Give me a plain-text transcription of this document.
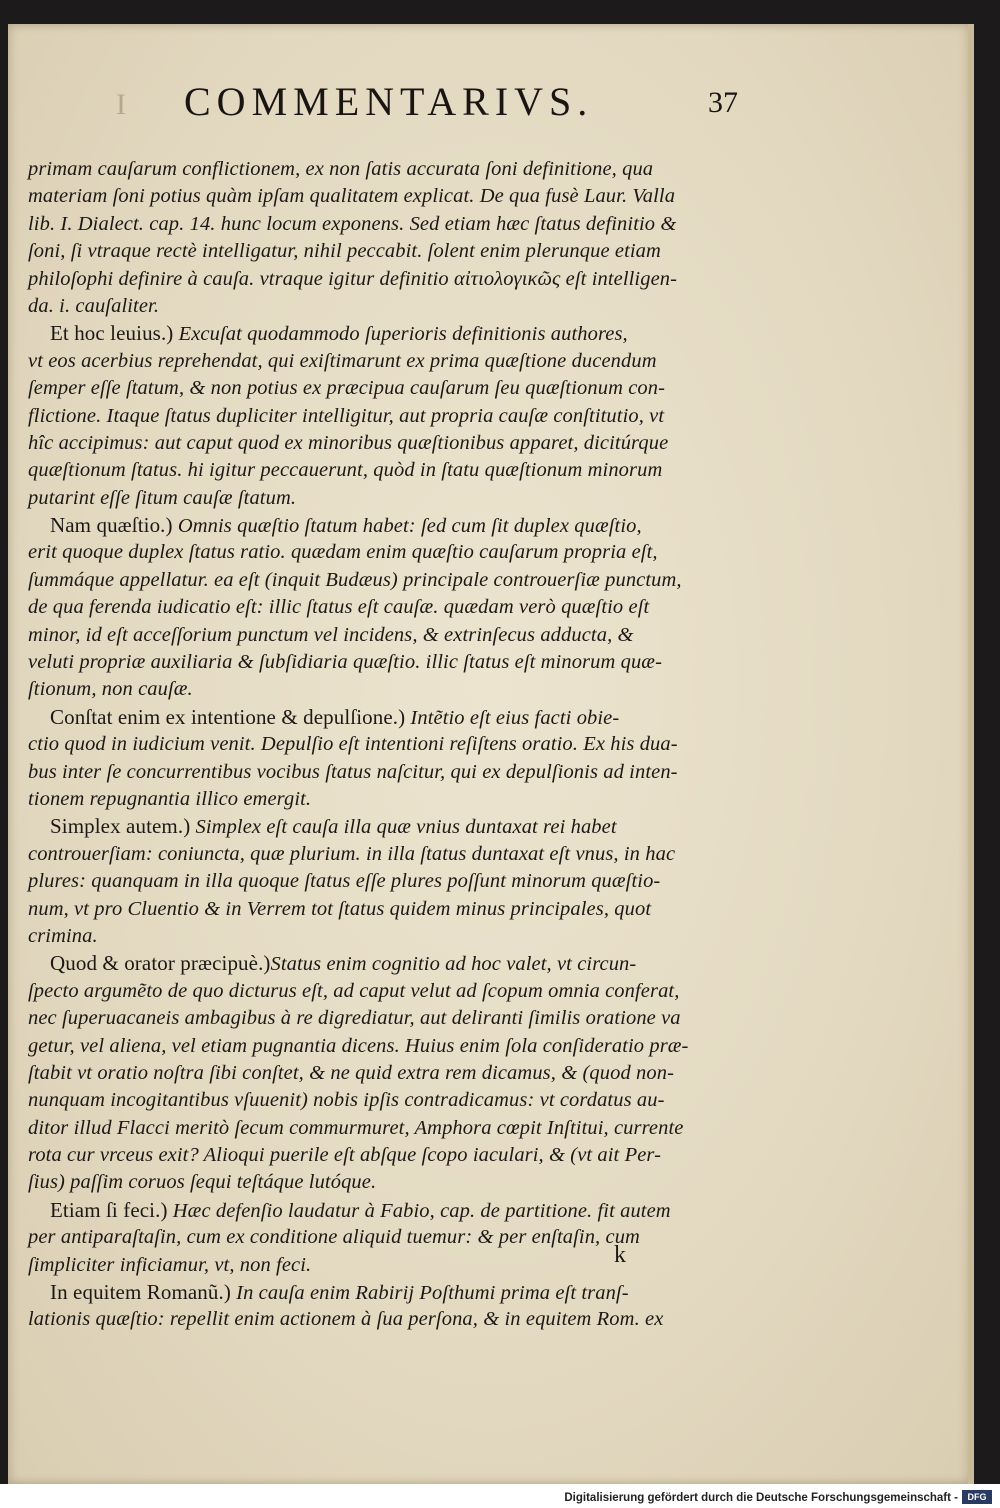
I COMMENTARIVS.	37
primam cauſarum conflictionem, ex non ſatis accurata ſoni definitione, qua
materiam ſoni potius quàm ipſam qualitatem explicat. De qua fusè Laur. Valla
lib. I. Dialect. cap. 14. hunc locum exponens. Sed etiam hæc ſtatus definitio &
ſoni, ſi vtraque rectè intelligatur, nihil peccabit. ſolent enim plerunque etiam
philoſophi definire à cauſa. vtraque igitur definitio αἰτιολογικῶς eſt intelligen-
da. i. cauſaliter.
Et hoc leuius.) Excuſat quodammodo ſuperioris definitionis authores,
vt eos acerbius reprehendat, qui exiſtimarunt ex prima quæſtione ducendum
ſemper eſſe ſtatum, & non potius ex præcipua cauſarum ſeu quæſtionum con-
flictione. Itaque ſtatus dupliciter intelligitur, aut propria cauſæ conſtitutio, vt
hîc accipimus: aut caput quod ex minoribus quæſtionibus apparet, dicitúrque
quæſtionum ſtatus. hi igitur peccauerunt, quòd in ſtatu quæſtionum minorum
putarint eſſe ſitum cauſæ ſtatum.
Nam quæſtio.) Omnis quæſtio ſtatum habet: ſed cum ſit duplex quæſtio,
erit quoque duplex ſtatus ratio. quædam enim quæſtio cauſarum propria eſt,
ſummáque appellatur. ea eſt (inquit Budæus) principale controuerſiæ punctum,
de qua ferenda iudicatio eſt: illic ſtatus eſt cauſæ. quædam verò quæſtio eſt
minor, id eſt acceſſorium punctum vel incidens, & extrinſecus adducta, &
veluti propriæ auxiliaria & ſubſidiaria quæſtio. illic ſtatus eſt minorum quæ-
ſtionum, non cauſæ.
Conſtat enim ex intentione & depulſione.) Intẽtio eſt eius facti obie-
ctio quod in iudicium venit. Depulſio eſt intentioni reſiſtens oratio. Ex his dua-
bus inter ſe concurrentibus vocibus ſtatus naſcitur, qui ex depulſionis ad inten-
tionem repugnantia illico emergit.
Simplex autem.) Simplex eſt cauſa illa quæ vnius duntaxat rei habet
controuerſiam: coniuncta, quæ plurium. in illa ſtatus duntaxat eſt vnus, in hac
plures: quanquam in illa quoque ſtatus eſſe plures poſſunt minorum quæſtio-
num, vt pro Cluentio & in Verrem tot ſtatus quidem minus principales, quot
crimina.
Quod & orator præcipuè.)Status enim cognitio ad hoc valet, vt circun-
ſpecto argumẽto de quo dicturus eſt, ad caput velut ad ſcopum omnia conferat,
nec ſuperuacaneis ambagibus à re digrediatur, aut deliranti ſimilis oratione va
getur, vel aliena, vel etiam pugnantia dicens. Huius enim ſola conſideratio præ-
ſtabit vt oratio noſtra ſibi conſtet, & ne quid extra rem dicamus, & (quod non-
nunquam incogitantibus vſuuenit) nobis ipſis contradicamus: vt cordatus au-
ditor illud Flacci meritò ſecum commurmuret, Amphora cœpit Inſtitui, currente
rota cur vrceus exit? Alioqui puerile eſt abſque ſcopo iaculari, & (vt ait Per-
ſius) paſſim coruos ſequi teſtáque lutóque.
Etiam ſi feci.) Hæc defenſio laudatur à Fabio, cap. de partitione. fit autem
per antiparaſtaſin, cum ex conditione aliquid tuemur: & per enſtaſin, cum
ſimpliciter inficiamur, vt, non feci.
In equitem Romanũ.) In cauſa enim Rabirij Poſthumi prima eſt tranſ-
lationis quæſtio: repellit enim actionem à ſua perſona, & in equitem Rom. ex
k
Digitalisierung gefördert durch die Deutsche Forschungsgemeinschaft -	DFG
